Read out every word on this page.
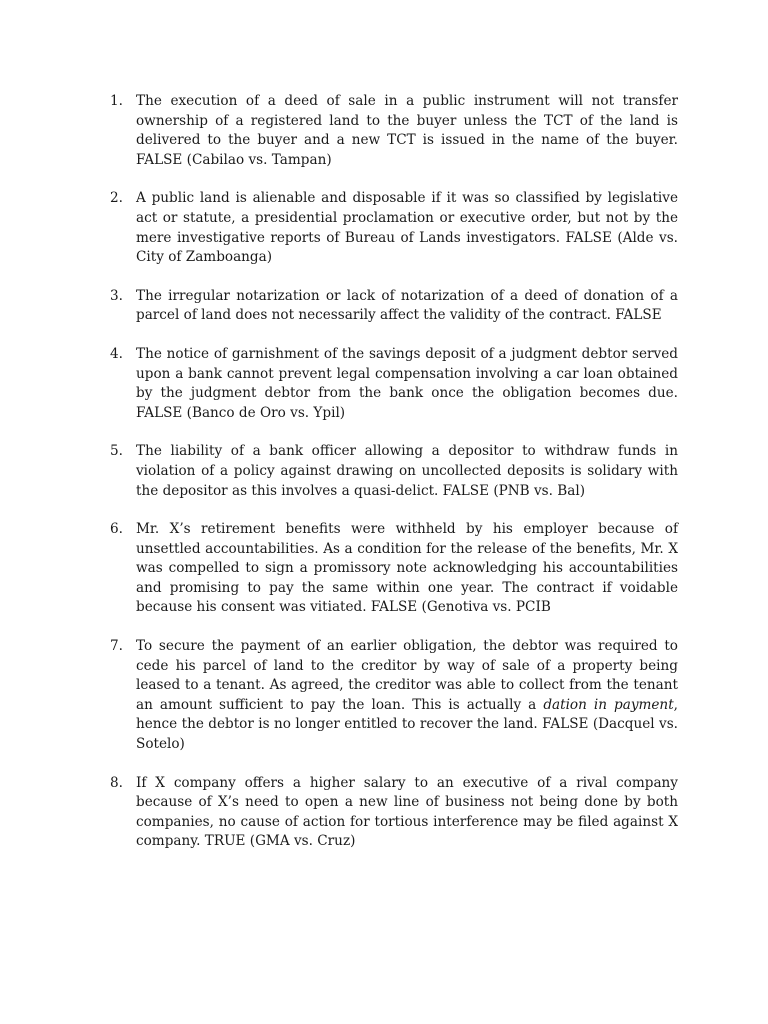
1. The execution of a deed of sale in a public instrument will not transfer ownership of a registered land to the buyer unless the TCT of the land is delivered to the buyer and a new TCT is issued in the name of the buyer. FALSE (Cabilao vs. Tampan)
2. A public land is alienable and disposable if it was so classified by legislative act or statute, a presidential proclamation or executive order, but not by the mere investigative reports of Bureau of Lands investigators. FALSE (Alde vs. City of Zamboanga)
3. The irregular notarization or lack of notarization of a deed of donation of a parcel of land does not necessarily affect the validity of the contract. FALSE
4. The notice of garnishment of the savings deposit of a judgment debtor served upon a bank cannot prevent legal compensation involving a car loan obtained by the judgment debtor from the bank once the obligation becomes due. FALSE (Banco de Oro vs. Ypil)
5. The liability of a bank officer allowing a depositor to withdraw funds in violation of a policy against drawing on uncollected deposits is solidary with the depositor as this involves a quasi-delict. FALSE (PNB vs. Bal)
6. Mr. X’s retirement benefits were withheld by his employer because of unsettled accountabilities. As a condition for the release of the benefits, Mr. X was compelled to sign a promissory note acknowledging his accountabilities and promising to pay the same within one year. The contract if voidable because his consent was vitiated. FALSE (Genotiva vs. PCIB
7. To secure the payment of an earlier obligation, the debtor was required to cede his parcel of land to the creditor by way of sale of a property being leased to a tenant. As agreed, the creditor was able to collect from the tenant an amount sufficient to pay the loan. This is actually a dation in payment, hence the debtor is no longer entitled to recover the land. FALSE (Dacquel vs. Sotelo)
8. If X company offers a higher salary to an executive of a rival company because of X’s need to open a new line of business not being done by both companies, no cause of action for tortious interference may be filed against X company. TRUE (GMA vs. Cruz)
